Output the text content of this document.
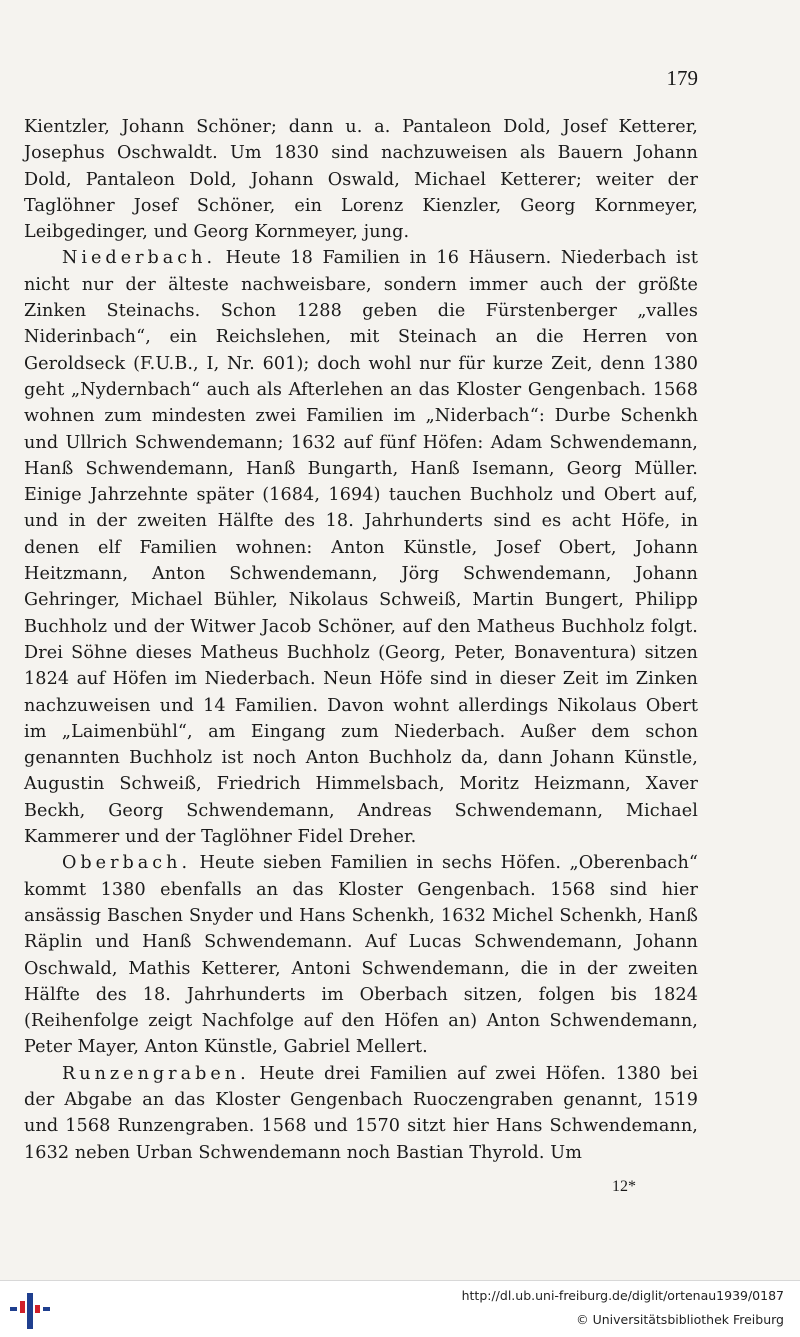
179

Kientzler, Johann Schöner; dann u. a. Pantaleon Dold, Josef Ketterer, Josephus Oschwaldt. Um 1830 sind nachzuweisen als Bauern Johann Dold, Pantaleon Dold, Johann Oswald, Michael Ketterer; weiter der Taglöhner Josef Schöner, ein Lorenz Kienzler, Georg Kornmeyer, Leibgedinger, und Georg Kornmeyer, jung.

Niederbach. Heute 18 Familien in 16 Häusern. Niederbach ist nicht nur der älteste nachweisbare, sondern immer auch der größte Zinken Steinachs. Schon 1288 geben die Fürstenberger „valles Niderinbach“, ein Reichslehen, mit Steinach an die Herren von Geroldseck (F.U.B., I, Nr. 601); doch wohl nur für kurze Zeit, denn 1380 geht „Nydernbach“ auch als Afterlehen an das Kloster Gengenbach. 1568 wohnen zum mindesten zwei Familien im „Niderbach“: Durbe Schenkh und Ullrich Schwendemann; 1632 auf fünf Höfen: Adam Schwendemann, Hanß Schwendemann, Hanß Bungarth, Hanß Isemann, Georg Müller. Einige Jahrzehnte später (1684, 1694) tauchen Buchholz und Obert auf, und in der zweiten Hälfte des 18. Jahrhunderts sind es acht Höfe, in denen elf Familien wohnen: Anton Künstle, Josef Obert, Johann Heitzmann, Anton Schwendemann, Jörg Schwendemann, Johann Gehringer, Michael Bühler, Nikolaus Schweiß, Martin Bungert, Philipp Buchholz und der Witwer Jacob Schöner, auf den Matheus Buchholz folgt. Drei Söhne dieses Matheus Buchholz (Georg, Peter, Bonaventura) sitzen 1824 auf Höfen im Niederbach. Neun Höfe sind in dieser Zeit im Zinken nachzuweisen und 14 Familien. Davon wohnt allerdings Nikolaus Obert im „Laimenbühl“, am Eingang zum Niederbach. Außer dem schon genannten Buchholz ist noch Anton Buchholz da, dann Johann Künstle, Augustin Schweiß, Friedrich Himmelsbach, Moritz Heizmann, Xaver Beckh, Georg Schwendemann, Andreas Schwendemann, Michael Kammerer und der Taglöhner Fidel Dreher.

Oberbach. Heute sieben Familien in sechs Höfen. „Oberenbach“ kommt 1380 ebenfalls an das Kloster Gengenbach. 1568 sind hier ansässig Baschen Snyder und Hans Schenkh, 1632 Michel Schenkh, Hanß Räplin und Hanß Schwendemann. Auf Lucas Schwendemann, Johann Oschwald, Mathis Ketterer, Antoni Schwendemann, die in der zweiten Hälfte des 18. Jahrhunderts im Oberbach sitzen, folgen bis 1824 (Reihenfolge zeigt Nachfolge auf den Höfen an) Anton Schwendemann, Peter Mayer, Anton Künstle, Gabriel Mellert.

Runzengraben. Heute drei Familien auf zwei Höfen. 1380 bei der Abgabe an das Kloster Gengenbach Ruoczengraben genannt, 1519 und 1568 Runzengraben. 1568 und 1570 sitzt hier Hans Schwendemann, 1632 neben Urban Schwendemann noch Bastian Thyrold. Um

12*
http://dl.ub.uni-freiburg.de/diglit/ortenau1939/0187
© Universitätsbibliothek Freiburg
